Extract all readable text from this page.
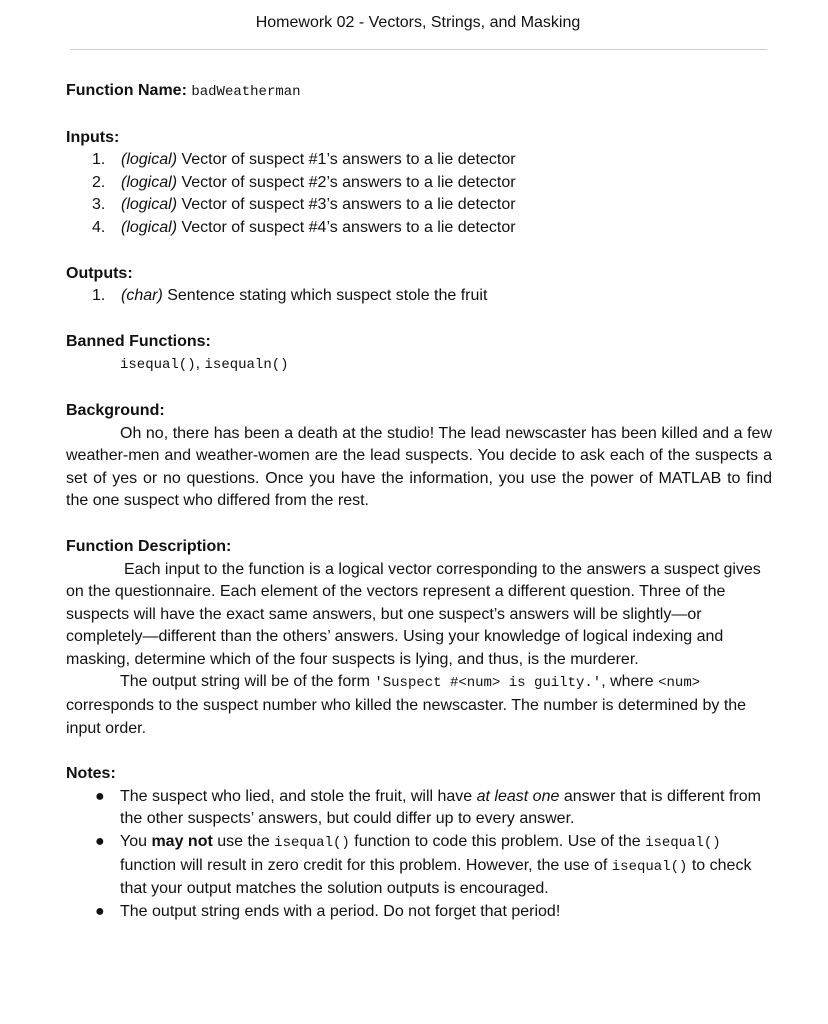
Homework 02 - Vectors, Strings, and Masking
Function Name: badWeatherman

Inputs:

1. (logical) Vector of suspect #1’s answers to a lie detector
2. (logical) Vector of suspect #2’s answers to a lie detector
3. (logical) Vector of suspect #3’s answers to a lie detector
4. (logical) Vector of suspect #4’s answers to a lie detector

Outputs:

1. (char) Sentence stating which suspect stole the fruit

Banned Functions:

isequal(), isequaln()

Background:

Oh no, there has been a death at the studio! The lead newscaster has been killed and a few weather-men and weather-women are the lead suspects. You decide to ask each of the suspects a set of yes or no questions. Once you have the information, you use the power of MATLAB to find the one suspect who differed from the rest.

Function Description:

Each input to the function is a logical vector corresponding to the answers a suspect gives on the questionnaire. Each element of the vectors represent a different question. Three of the suspects will have the exact same answers, but one suspect’s answers will be slightly—or completely—different than the others’ answers. Using your knowledge of logical indexing and masking, determine which of the four suspects is lying, and thus, is the murderer.

The output string will be of the form 'Suspect #<num> is guilty.', where <num> corresponds to the suspect number who killed the newscaster. The number is determined by the input order.

Notes:

● The suspect who lied, and stole the fruit, will have at least one answer that is different from the other suspects’ answers, but could differ up to every answer.
● You may not use the isequal() function to code this problem. Use of the isequal() function will result in zero credit for this problem. However, the use of isequal() to check that your output matches the solution outputs is encouraged.
● The output string ends with a period. Do not forget that period!
